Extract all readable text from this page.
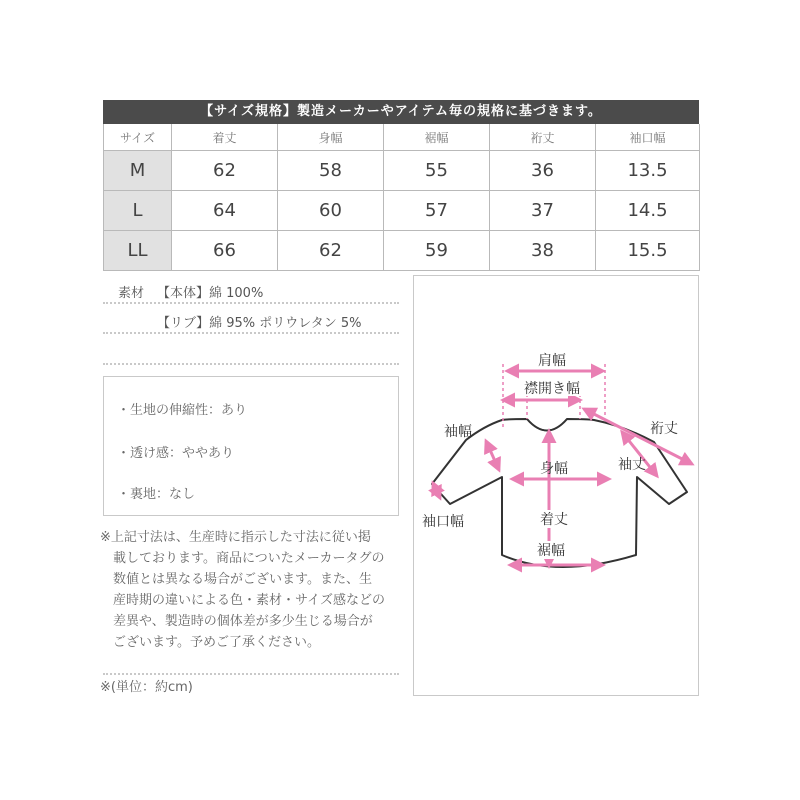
【サイズ規格】製造メーカーやアイテム毎の規格に基づきます。
サイズ	着丈	身幅	裾幅	裄丈	袖口幅
M	62	58	55	36	13.5
L	64	60	57	37	14.5
LL	66	62	59	38	15.5
素材 【本体】綿 100%
【リブ】綿 95% ポリウレタン 5%
・生地の伸縮性：あり
・透け感：ややあり
・裏地：なし
※上記寸法は、生産時に指示した寸法に従い掲
載しております。商品についたメーカータグの
数値とは異なる場合がございます。また、生
産時期の違いによる色・素材・サイズ感などの
差異や、製造時の個体差が多少生じる場合が
ございます。予めご了承ください。
※(単位：約cm)
肩幅
襟開き幅
袖幅	裄丈
袖丈
身幅
袖口幅	着丈
裾幅
